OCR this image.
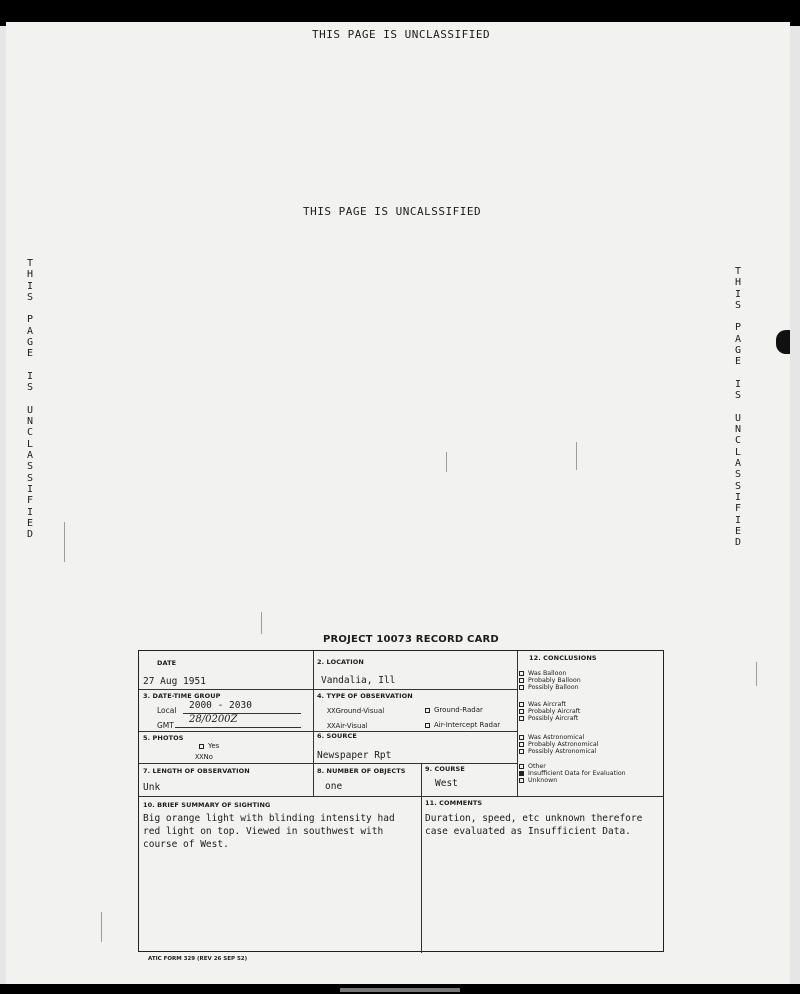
THIS PAGE IS UNCLASSIFIED
THIS PAGE IS UNCALSSIFIED
T
H
I
S

P
A
G
E

I
S

U
N
C
L
A
S
S
I
F
I
E
D
T
H
I
S

P
A
G
E

I
S

U
N
C
L
A
S
S
I
F
I
E
D
PROJECT 10073 RECORD CARD
DATE
27 Aug 1951
2. LOCATION
Vandalia, Ill
3. DATE-TIME GROUP
Local 2000 - 2030
GMT
28/0200Z
4. TYPE OF OBSERVATION
XXGround-Visual	Ground-Radar
XXAir-Visual	Air-Intercept Radar
5. PHOTOS
Yes
XXNo
6. SOURCE
Newspaper Rpt
7. LENGTH OF OBSERVATION
Unk
8. NUMBER OF OBJECTS
one
9. COURSE
West
10. BRIEF SUMMARY OF SIGHTING
Big orange light with blinding intensity had red light on top. Viewed in southwest with course of West.
11. COMMENTS
Duration, speed, etc unknown therefore case evaluated as Insufficient Data.
12. CONCLUSIONS
Was Balloon
Probably Balloon
Possibly Balloon
Was Aircraft
Probably Aircraft
Possibly Aircraft
Was Astronomical
Probably Astronomical
Possibly Astronomical
Other
Insufficient Data for Evaluation
Unknown
ATIC FORM 329 (REV 26 SEP 52)
